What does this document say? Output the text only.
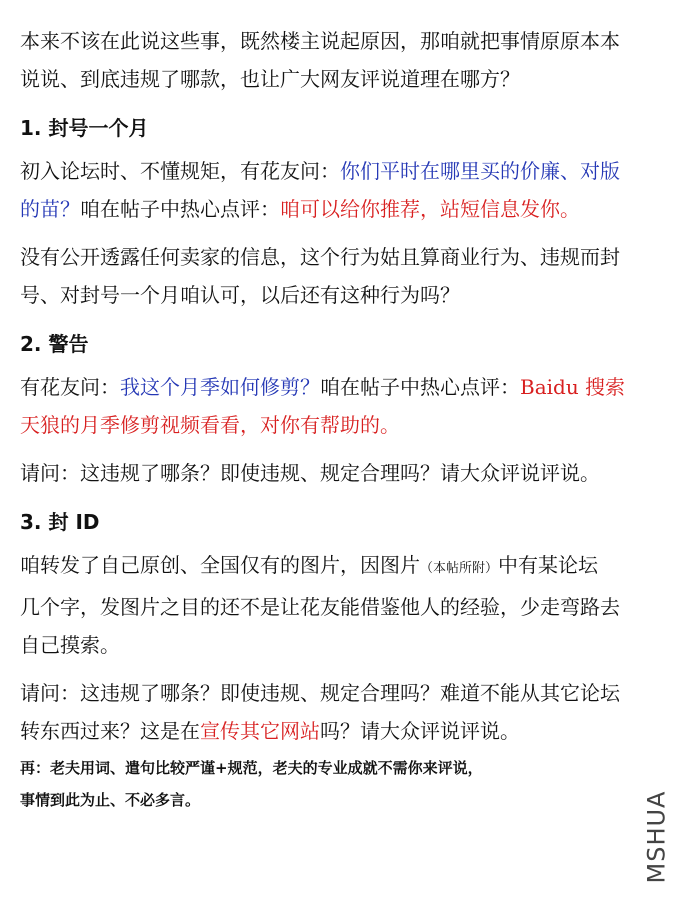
本来不该在此说这些事，既然楼主说起原因，那咱就把事情原原本本

说说、到底违规了哪款，也让广大网友评说道理在哪方？

1. 封号一个月

初入论坛时、不懂规矩，有花友问：你们平时在哪里买的价廉、对版

的苗？咱在帖子中热心点评：咱可以给你推荐，站短信息发你。

没有公开透露任何卖家的信息，这个行为姑且算商业行为、违规而封

号、对封号一个月咱认可，以后还有这种行为吗？

2. 警告

有花友问：我这个月季如何修剪？咱在帖子中热心点评：Baidu 搜索

天狼的月季修剪视频看看，对你有帮助的。

请问：这违规了哪条？即使违规、规定合理吗？请大众评说评说。

3. 封 ID

咱转发了自己原创、全国仅有的图片，因图片（本帖所附）中有某论坛

几个字，发图片之目的还不是让花友能借鉴他人的经验，少走弯路去

自己摸索。

请问：这违规了哪条？即使违规、规定合理吗？难道不能从其它论坛

转东西过来？这是在宣传其它网站吗？请大众评说评说。

再：老夫用词、遣句比较严谨+规范，老夫的专业成就不需你来评说，

事情到此为止、不必多言。	MSHUA
